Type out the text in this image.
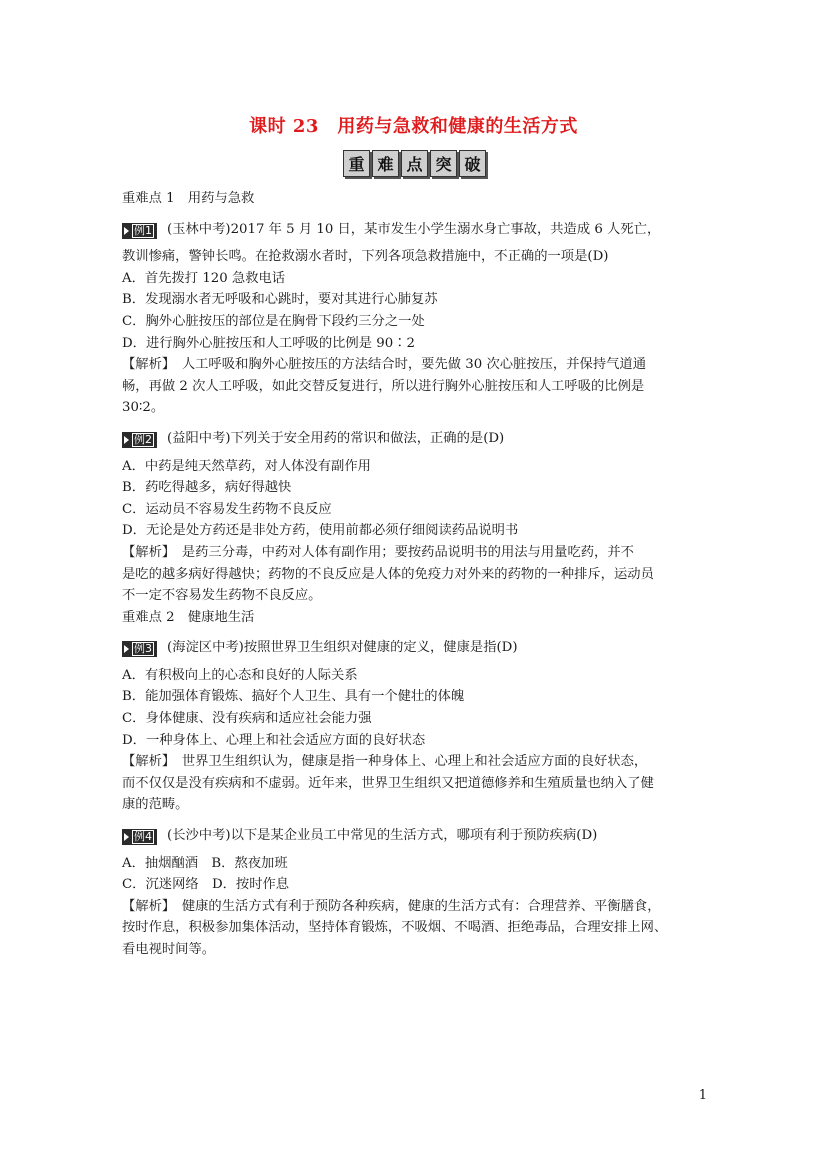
课时 23　用药与急救和健康的生活方式
重 难 点 突 破
重难点 1　用药与急救
例1 (玉林中考)2017 年 5 月 10 日，某市发生小学生溺水身亡事故，共造成 6 人死亡，
教训惨痛，警钟长鸣。在抢救溺水者时，下列各项急救措施中，不正确的一项是(D)
A．首先拨打 120 急救电话
B．发现溺水者无呼吸和心跳时，要对其进行心肺复苏
C．胸外心脏按压的部位是在胸骨下段约三分之一处
D．进行胸外心脏按压和人工呼吸的比例是 90∶2
【解析】　人工呼吸和胸外心脏按压的方法结合时，要先做 30 次心脏按压，并保持气道通
畅，再做 2 次人工呼吸，如此交替反复进行，所以进行胸外心脏按压和人工呼吸的比例是
30∶2。
例2 (益阳中考)下列关于安全用药的常识和做法，正确的是(D)
A．中药是纯天然草药，对人体没有副作用
B．药吃得越多，病好得越快
C．运动员不容易发生药物不良反应
D．无论是处方药还是非处方药，使用前都必须仔细阅读药品说明书
【解析】　是药三分毒，中药对人体有副作用；要按药品说明书的用法与用量吃药，并不
是吃的越多病好得越快；药物的不良反应是人体的免疫力对外来的药物的一种排斥，运动员
不一定不容易发生药物不良反应。
重难点 2　健康地生活
例3 (海淀区中考)按照世界卫生组织对健康的定义，健康是指(D)
A．有积极向上的心态和良好的人际关系
B．能加强体育锻炼、搞好个人卫生、具有一个健壮的体魄
C．身体健康、没有疾病和适应社会能力强
D．一种身体上、心理上和社会适应方面的良好状态
【解析】　世界卫生组织认为，健康是指一种身体上、心理上和社会适应方面的良好状态，
而不仅仅是没有疾病和不虚弱。近年来，世界卫生组织又把道德修养和生殖质量也纳入了健
康的范畴。
例4 (长沙中考)以下是某企业员工中常见的生活方式，哪项有利于预防疾病(D)
A．抽烟酗酒　B．熬夜加班
C．沉迷网络　D．按时作息
【解析】　健康的生活方式有利于预防各种疾病，健康的生活方式有：合理营养、平衡膳食，
按时作息，积极参加集体活动，坚持体育锻炼，不吸烟、不喝酒、拒绝毒品，合理安排上网、
看电视时间等。
1
